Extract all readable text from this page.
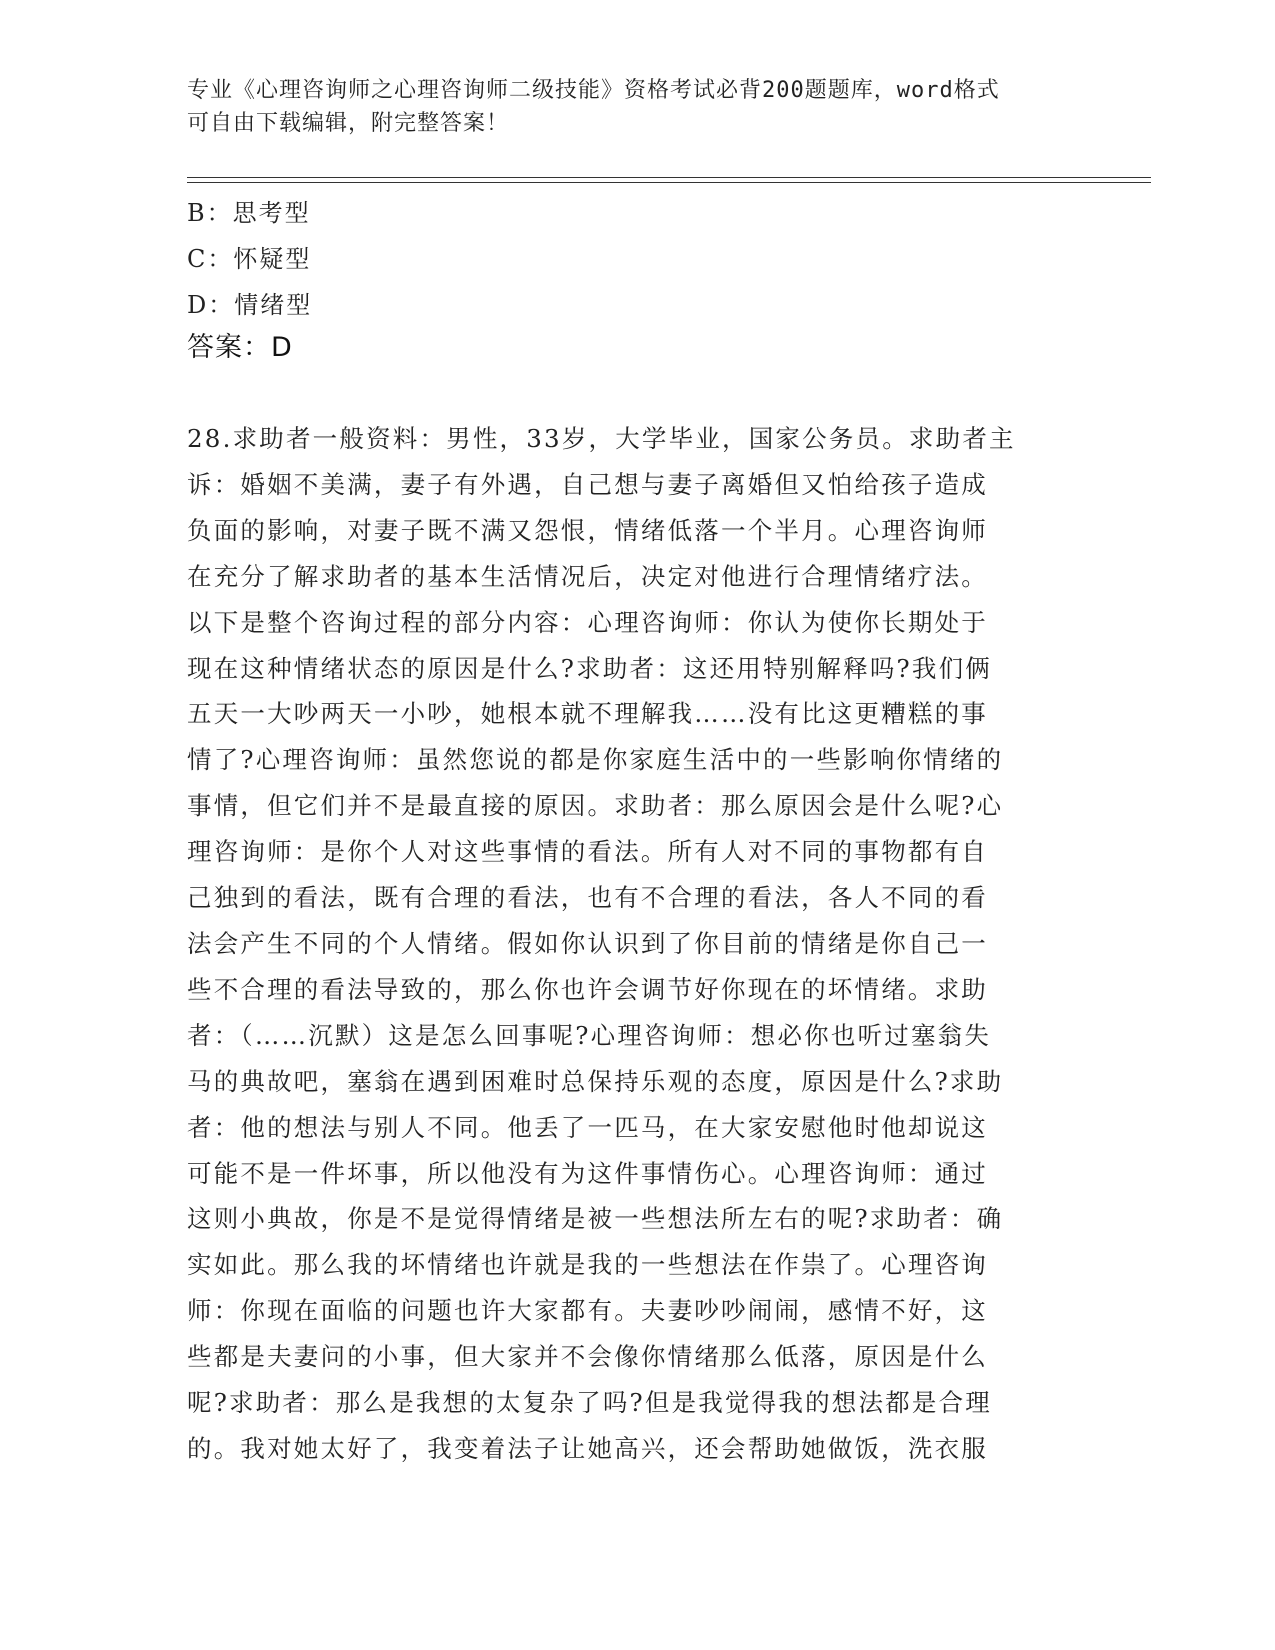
专业《心理咨询师之心理咨询师二级技能》资格考试必背200题题库，word格式
可自由下载编辑，附完整答案！
B：思考型
C：怀疑型
D：情绪型
答案：D
28.求助者一般资料：男性，33岁，大学毕业，国家公务员。求助者主
诉：婚姻不美满，妻子有外遇，自己想与妻子离婚但又怕给孩子造成
负面的影响，对妻子既不满又怨恨，情绪低落一个半月。心理咨询师
在充分了解求助者的基本生活情况后，决定对他进行合理情绪疗法。
以下是整个咨询过程的部分内容：心理咨询师：你认为使你长期处于
现在这种情绪状态的原因是什么?求助者：这还用特别解释吗?我们俩
五天一大吵两天一小吵，她根本就不理解我……没有比这更糟糕的事
情了?心理咨询师：虽然您说的都是你家庭生活中的一些影响你情绪的
事情，但它们并不是最直接的原因。求助者：那么原因会是什么呢?心
理咨询师：是你个人对这些事情的看法。所有人对不同的事物都有自
己独到的看法，既有合理的看法，也有不合理的看法，各人不同的看
法会产生不同的个人情绪。假如你认识到了你目前的情绪是你自己一
些不合理的看法导致的，那么你也许会调节好你现在的坏情绪。求助
者：（……沉默）这是怎么回事呢?心理咨询师：想必你也听过塞翁失
马的典故吧，塞翁在遇到困难时总保持乐观的态度，原因是什么?求助
者：他的想法与别人不同。他丢了一匹马，在大家安慰他时他却说这
可能不是一件坏事，所以他没有为这件事情伤心。心理咨询师：通过
这则小典故，你是不是觉得情绪是被一些想法所左右的呢?求助者：确
实如此。那么我的坏情绪也许就是我的一些想法在作祟了。心理咨询
师：你现在面临的问题也许大家都有。夫妻吵吵闹闹，感情不好，这
些都是夫妻问的小事，但大家并不会像你情绪那么低落，原因是什么
呢?求助者：那么是我想的太复杂了吗?但是我觉得我的想法都是合理
的。我对她太好了，我变着法子让她高兴，还会帮助她做饭，洗衣服
